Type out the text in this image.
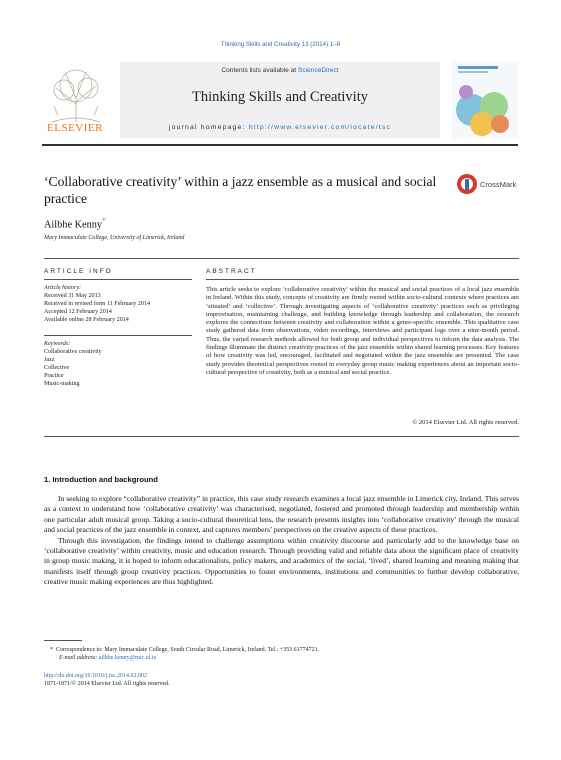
Thinking Skills and Creativity 13 (2014) 1–8
ELSEVIER
Contents lists available at ScienceDirect
Thinking Skills and Creativity
journal homepage: http://www.elsevier.com/locate/tsc
‘Collaborative creativity’ within a jazz ensemble as a musical and social practice
CrossMark
Ailbhe Kenny*
Mary Immaculate College, University of Limerick, Ireland
ARTICLE INFO	ABSTRACT
Article history:
Received 31 May 2013
Received in revised form 11 February 2014
Accepted 12 February 2014
Available online 28 February 2014
Keywords:
Collaborative creativity
Jazz
Collective
Practice
Music-making
This article seeks to explore ‘collaborative creativity’ within the musical and social practices of a local jazz ensemble in Ireland. Within this study, concepts of creativity are firmly rooted within socio-cultural contexts where practices are ‘situated’ and ‘collective’. Through investigating aspects of ‘collaborative creativity’ practices such as privileging improvisation, maintaining challenge, and building knowledge through leadership and collaboration, the research explores the connections between creativity and collaboration within a genre-specific ensemble. This qualitative case study gathered data from observations, video recordings, interviews and participant logs over a nine-month period. Thus, the varied research methods allowed for both group and individual perspectives to inform the data analysis. The findings illuminate the distinct creativity practices of the jazz ensemble within shared learning processes. Key features of how creativity was led, encouraged, facilitated and negotiated within the jazz ensemble are presented. The case study provides theoretical perspectives rooted in everyday group music making experiences about an important socio-cultural perspective of creativity, both as a musical and social practice.
© 2014 Elsevier Ltd. All rights reserved.
1. Introduction and background

In seeking to explore “collaborative creativity” in practice, this case study research examines a local jazz ensemble in Limerick city, Ireland. This serves as a context to understand how ‘collaborative creativity’ was characterised, negotiated, fostered and promoted through leadership and membership within one particular adult musical group. Taking a socio-cultural theoretical lens, the research presents insights into ‘collaborative creativity’ through the musical and social practices of the jazz ensemble in context, and captures members’ perspectives on the creative aspects of these practices.

Through this investigation, the findings intend to challenge assumptions within creativity discourse and particularly add to the knowledge base on ‘collaborative creativity’ within creativity, music and education research. Through providing valid and reliable data about the significant place of creativity in group music making, it is hoped to inform educationalists, policy makers, and academics of the social, ‘lived’, shared learning and meaning making that manifests itself through group creativity practices. Opportunities to foster environments, institutions and communities to further develop collaborative, creative music making experiences are thus highlighted.

* Correspondence to: Mary Immaculate College, South Circular Road, Limerick, Ireland. Tel.: +353 61774721.
E-mail address: ailbhe.kenny@mic.ul.ie
http://dx.doi.org/10.1016/j.tsc.2014.02.002
1871-1871/© 2014 Elsevier Ltd. All rights reserved.
